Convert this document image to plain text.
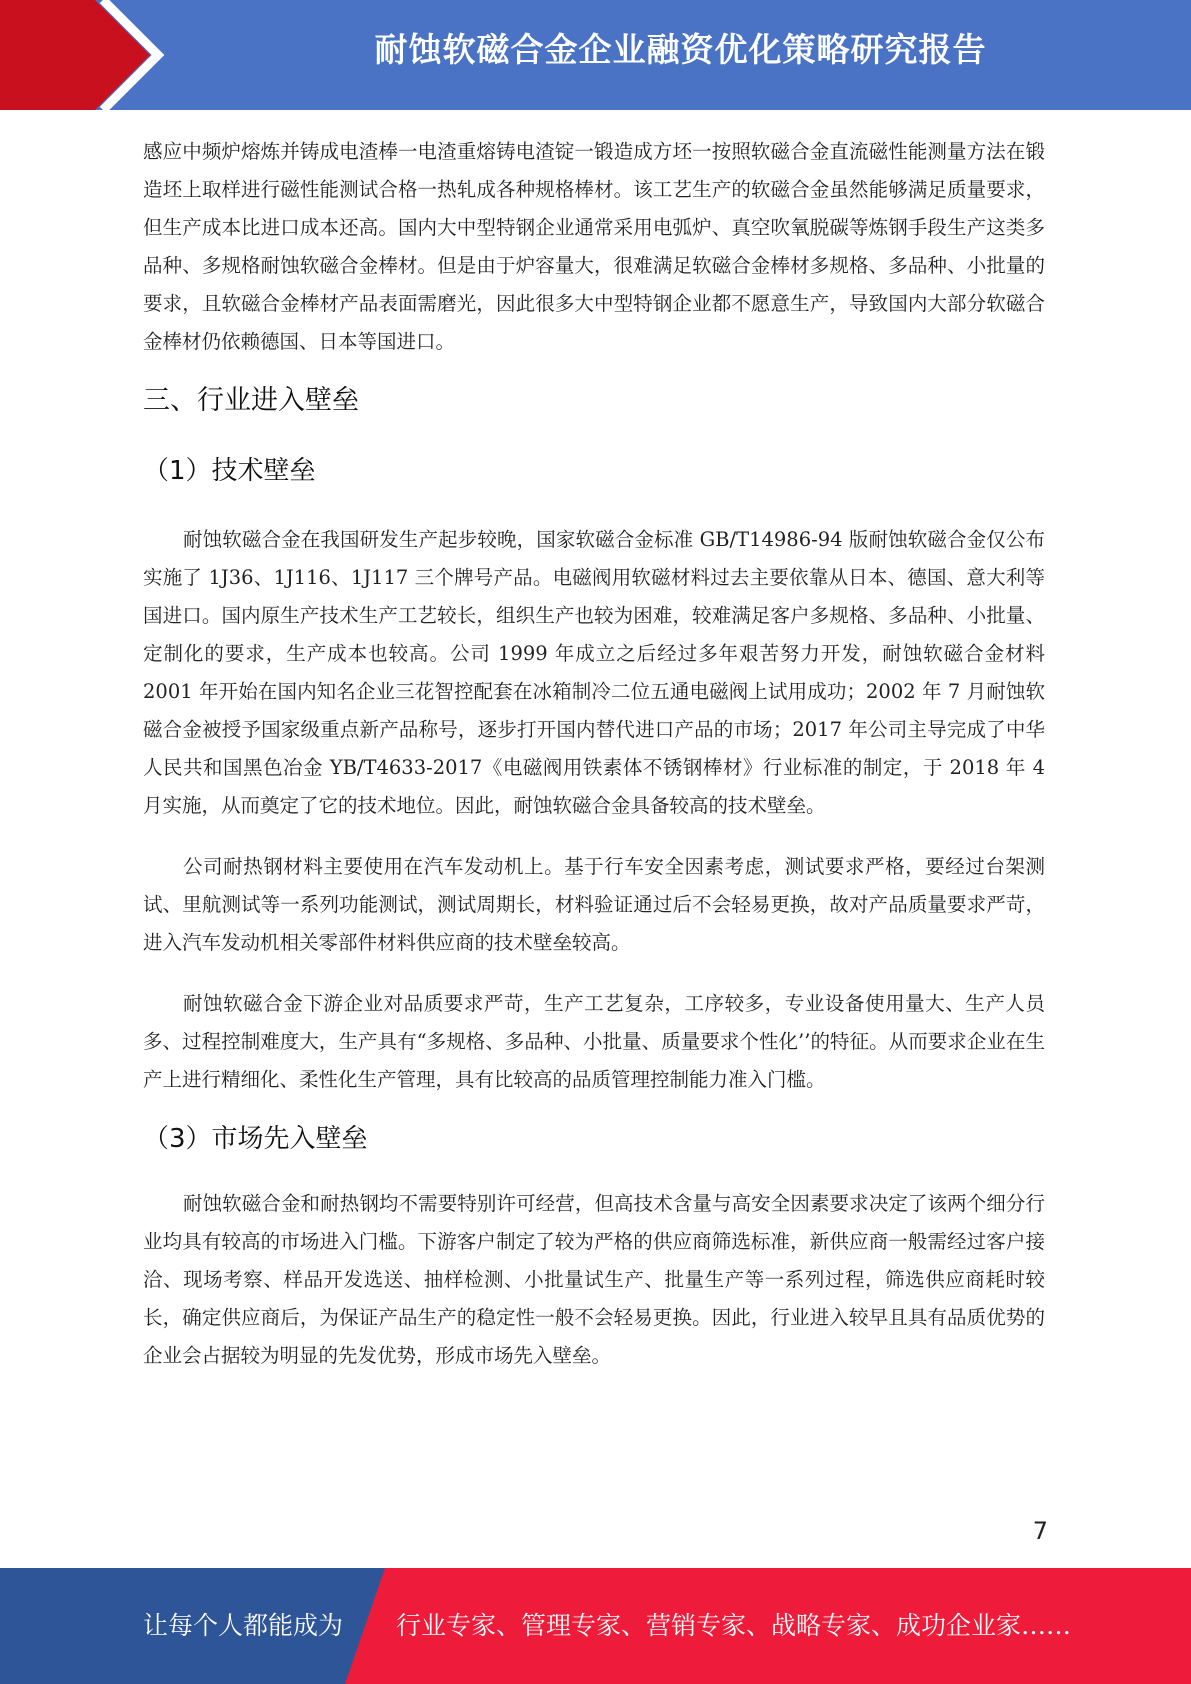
耐蚀软磁合金企业融资优化策略研究报告

感应中频炉熔炼并铸成电渣棒一电渣重熔铸电渣锭一锻造成方坯一按照软磁合金直流磁性能测量方法在锻造坯上取样进行磁性能测试合格一热轧成各种规格棒材。该工艺生产的软磁合金虽然能够满足质量要求，但生产成本比进口成本还高。国内大中型特钢企业通常采用电弧炉、真空吹氧脱碳等炼钢手段生产这类多品种、多规格耐蚀软磁合金棒材。但是由于炉容量大，很难满足软磁合金棒材多规格、多品种、小批量的要求，且软磁合金棒材产品表面需磨光，因此很多大中型特钢企业都不愿意生产，导致国内大部分软磁合金棒材仍依赖德国、日本等国进口。

三、行业进入壁垒
（1）技术壁垒

耐蚀软磁合金在我国研发生产起步较晚，国家软磁合金标准 GB/T14986-94 版耐蚀软磁合金仅公布实施了 1J36、1J116、1J117 三个牌号产品。电磁阀用软磁材料过去主要依靠从日本、德国、意大利等国进口。国内原生产技术生产工艺较长，组织生产也较为困难，较难满足客户多规格、多品种、小批量、定制化的要求，生产成本也较高。公司 1999 年成立之后经过多年艰苦努力开发，耐蚀软磁合金材料 2001 年开始在国内知名企业三花智控配套在冰箱制冷二位五通电磁阀上试用成功；2002 年 7 月耐蚀软磁合金被授予国家级重点新产品称号，逐步打开国内替代进口产品的市场；2017 年公司主导完成了中华人民共和国黑色冶金 YB/T4633-2017《电磁阀用铁素体不锈钢棒材》行业标准的制定，于 2018 年 4 月实施，从而奠定了它的技术地位。因此，耐蚀软磁合金具备较高的技术壁垒。

公司耐热钢材料主要使用在汽车发动机上。基于行车安全因素考虑，测试要求严格，要经过台架测试、里航测试等一系列功能测试，测试周期长，材料验证通过后不会轻易更换，故对产品质量要求严苛，进入汽车发动机相关零部件材料供应商的技术壁垒较高。

耐蚀软磁合金下游企业对品质要求严苛，生产工艺复杂，工序较多，专业设备使用量大、生产人员多、过程控制难度大，生产具有“多规格、多品种、小批量、质量要求个性化’’的特征。从而要求企业在生产上进行精细化、柔性化生产管理，具有比较高的品质管理控制能力准入门槛。

（3）市场先入壁垒

耐蚀软磁合金和耐热钢均不需要特别许可经营，但高技术含量与高安全因素要求决定了该两个细分行业均具有较高的市场进入门槛。下游客户制定了较为严格的供应商筛选标准，新供应商一般需经过客户接洽、现场考察、样品开发选送、抽样检测、小批量试生产、批量生产等一系列过程，筛选供应商耗时较长，确定供应商后，为保证产品生产的稳定性一般不会轻易更换。因此，行业进入较早且具有品质优势的企业会占据较为明显的先发优势，形成市场先入壁垒。

7
让每个人都能成为 行业专家、管理专家、营销专家、战略专家、成功企业家……
